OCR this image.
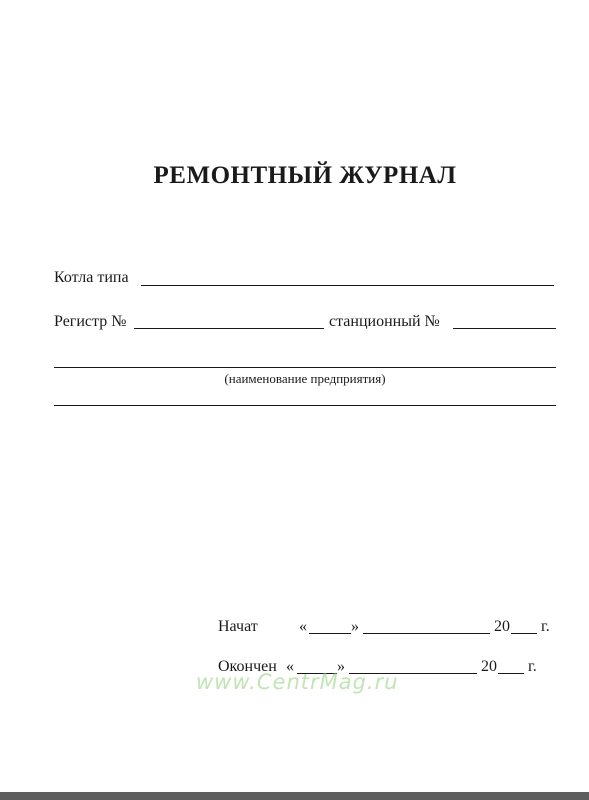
РЕМОНТНЫЙ ЖУРНАЛ
Котла типа
Регистр №	станционный №
(наименование предприятия)
Начат	«	»	20 г.
Окончен «	»	20 г.
www.CentrMag.ru
